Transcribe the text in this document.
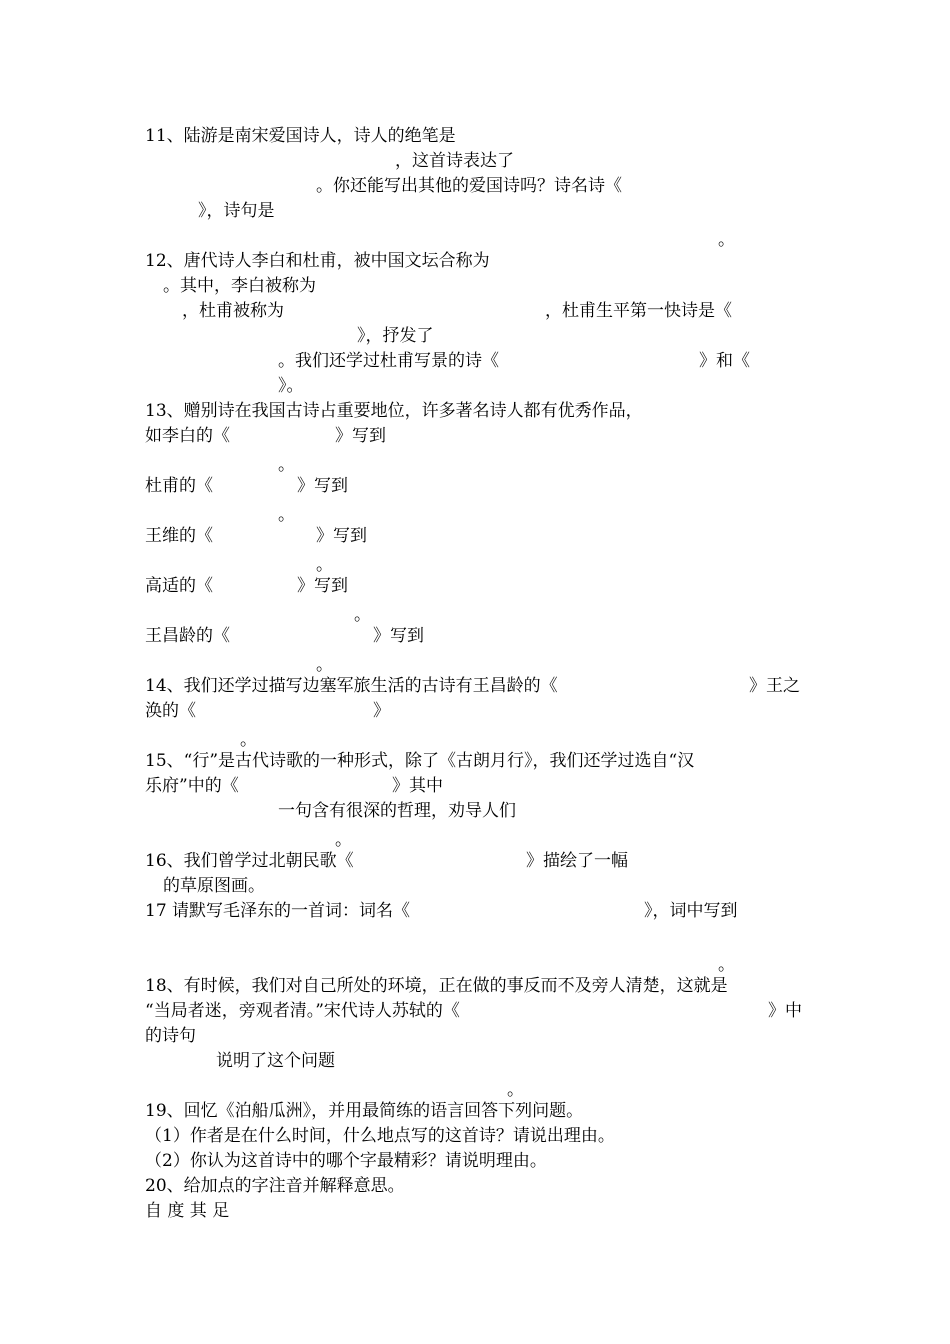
11、陆游是南宋爱国诗人，诗人的绝笔是
，这首诗表达了
。你还能写出其他的爱国诗吗？诗名诗《
》，诗句是
。
12、唐代诗人李白和杜甫，被中国文坛合称为
。其中，李白被称为
，杜甫被称为	，杜甫生平第一快诗是《
》，抒发了
。我们还学过杜甫写景的诗《	》和《
》。
13、赠别诗在我国古诗占重要地位，许多著名诗人都有优秀作品，
如李白的《	》写到
。
杜甫的《	》写到
。
王维的《	》写到
。
高适的《	》写到
。
王昌龄的《	》写到
。
14、我们还学过描写边塞军旅生活的古诗有王昌龄的《	》王之
涣的《	》
。
15、“行”是古代诗歌的一种形式，除了《古朗月行》，我们还学过选自“汉
乐府”中的《	》其中
一句含有很深的哲理，劝导人们
。
16、我们曾学过北朝民歌《	》描绘了一幅
的草原图画。
17 请默写毛泽东的一首词：词名《	》，词中写到
。
18、有时候，我们对自己所处的环境，正在做的事反而不及旁人清楚，这就是
“当局者迷，旁观者清。”宋代诗人苏轼的《	》中
的诗句
说明了这个问题
。
19、回忆《泊船瓜洲》，并用最简练的语言回答下列问题。
（1）作者是在什么时间，什么地点写的这首诗？请说出理由。
（2）你认为这首诗中的哪个字最精彩？请说明理由。
20、给加点的字注音并解释意思。
自 度 其 足
